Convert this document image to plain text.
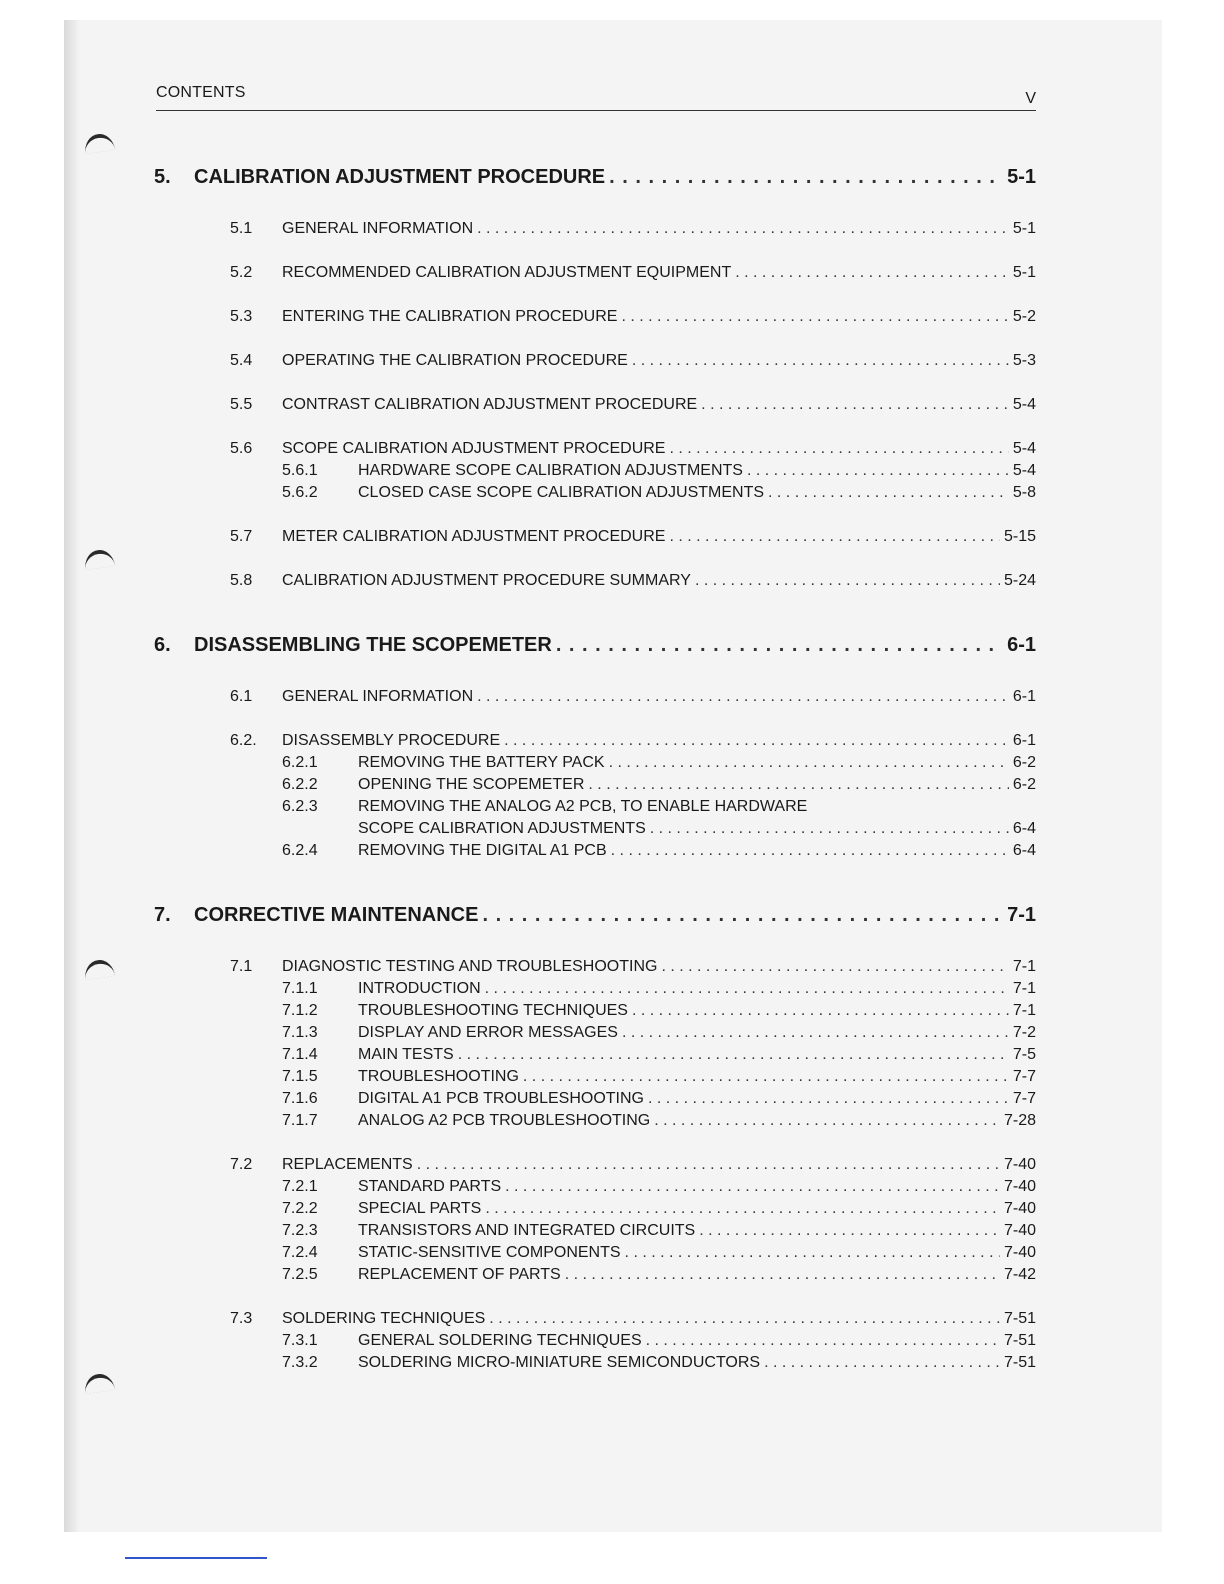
CONTENTS	V
5.	CALIBRATION ADJUSTMENT PROCEDURE . . .	5-1
5.1	GENERAL INFORMATION . . .	5-1
5.2	RECOMMENDED CALIBRATION ADJUSTMENT EQUIPMENT . . .	5-1
5.3	ENTERING THE CALIBRATION PROCEDURE . . .	5-2
5.4	OPERATING THE CALIBRATION PROCEDURE . . .	5-3
5.5	CONTRAST CALIBRATION ADJUSTMENT PROCEDURE . . .	5-4
5.6	SCOPE CALIBRATION ADJUSTMENT PROCEDURE . . .	5-4
5.6.1	HARDWARE SCOPE CALIBRATION ADJUSTMENTS . . .	5-4
5.6.2	CLOSED CASE SCOPE CALIBRATION ADJUSTMENTS . . .	5-8
5.7	METER CALIBRATION ADJUSTMENT PROCEDURE . . .	5-15
5.8	CALIBRATION ADJUSTMENT PROCEDURE SUMMARY . . .	5-24
6.	DISASSEMBLING THE SCOPEMETER . . .	6-1
6.1	GENERAL INFORMATION . . .	6-1
6.2.	DISASSEMBLY PROCEDURE . . .	6-1
6.2.1	REMOVING THE BATTERY PACK . . .	6-2
6.2.2	OPENING THE SCOPEMETER . . .	6-2
6.2.3	REMOVING THE ANALOG A2 PCB, TO ENABLE HARDWARE
SCOPE CALIBRATION ADJUSTMENTS . . .	6-4
6.2.4	REMOVING THE DIGITAL A1 PCB . . .	6-4
7.	CORRECTIVE MAINTENANCE . . .	7-1
7.1	DIAGNOSTIC TESTING AND TROUBLESHOOTING . . .	7-1
7.1.1	INTRODUCTION . . .	7-1
7.1.2	TROUBLESHOOTING TECHNIQUES . . .	7-1
7.1.3	DISPLAY AND ERROR MESSAGES . . .	7-2
7.1.4	MAIN TESTS . . .	7-5
7.1.5	TROUBLESHOOTING . . .	7-7
7.1.6	DIGITAL A1 PCB TROUBLESHOOTING . . .	7-7
7.1.7	ANALOG A2 PCB TROUBLESHOOTING . . .	7-28
7.2	REPLACEMENTS . . .	7-40
7.2.1	STANDARD PARTS . . .	7-40
7.2.2	SPECIAL PARTS . . .	7-40
7.2.3	TRANSISTORS AND INTEGRATED CIRCUITS . . .	7-40
7.2.4	STATIC-SENSITIVE COMPONENTS . . .	7-40
7.2.5	REPLACEMENT OF PARTS . . .	7-42
7.3	SOLDERING TECHNIQUES . . .	7-51
7.3.1	GENERAL SOLDERING TECHNIQUES . . .	7-51
7.3.2	SOLDERING MICRO-MINIATURE SEMICONDUCTORS . . .	7-51
